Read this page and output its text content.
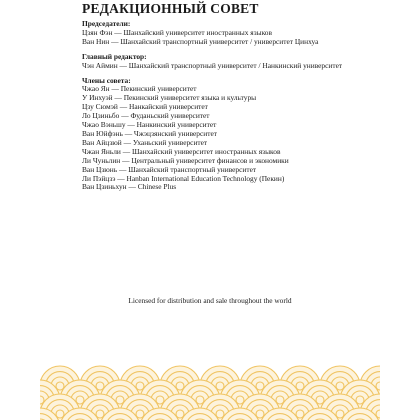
РЕДАКЦИОННЫЙ СОВЕТ
Председатели:
Цзян Фэн — Шанхайский университет иностранных языков
Ван Нин — Шанхайский транспортный университет / университет Цинхуа
Главный редактор:
Чэн Аймин — Шанхайский транспортный университет / Нанкинский университет
Члены совета:
Чжао Ян — Пекинский университет
У Инхуэй — Пекинский университет языка и культуры
Цзу Сюмэй — Нанкайский университет
Ло Цзиньбо — Фуданьский университет
Чжао Вэньшу — Нанкинский университет
Ван Юйфэнь — Чжэцзянский университет
Ван Айцзюй — Уханьский университет
Чжан Яньли — Шанхайский университет иностранных языков
Ли Чуньлин — Центральный университет финансов и экономики
Ван Цзюнь — Шанхайский транспортный университет
Ли Пэйцзэ — Hanban International Education Technology (Пекин)
Ван Цзиньхун — Chinese Plus
Licensed for distribution and sale throughout the world
